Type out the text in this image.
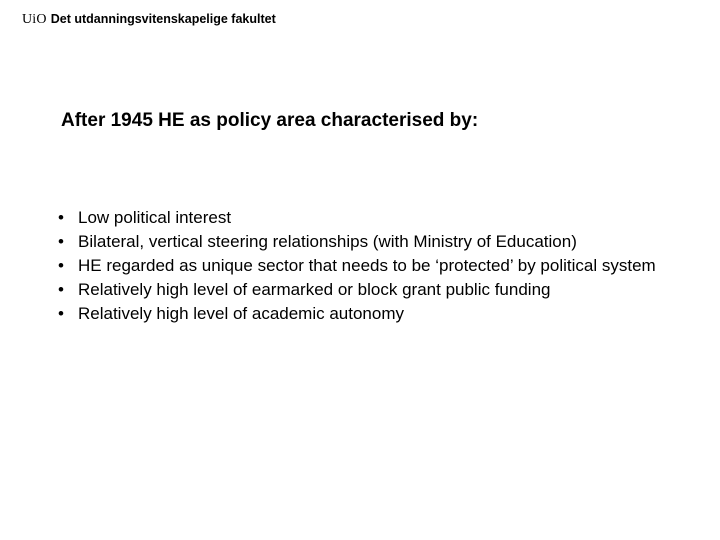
UiO Det utdanningsvitenskapelige fakultet
After 1945 HE as policy area characterised by:
• Low political interest
• Bilateral, vertical steering relationships (with Ministry of Education)
• HE regarded as unique sector that needs to be ‘protected’ by political system
• Relatively high level of earmarked or block grant public funding
• Relatively high level of academic autonomy
